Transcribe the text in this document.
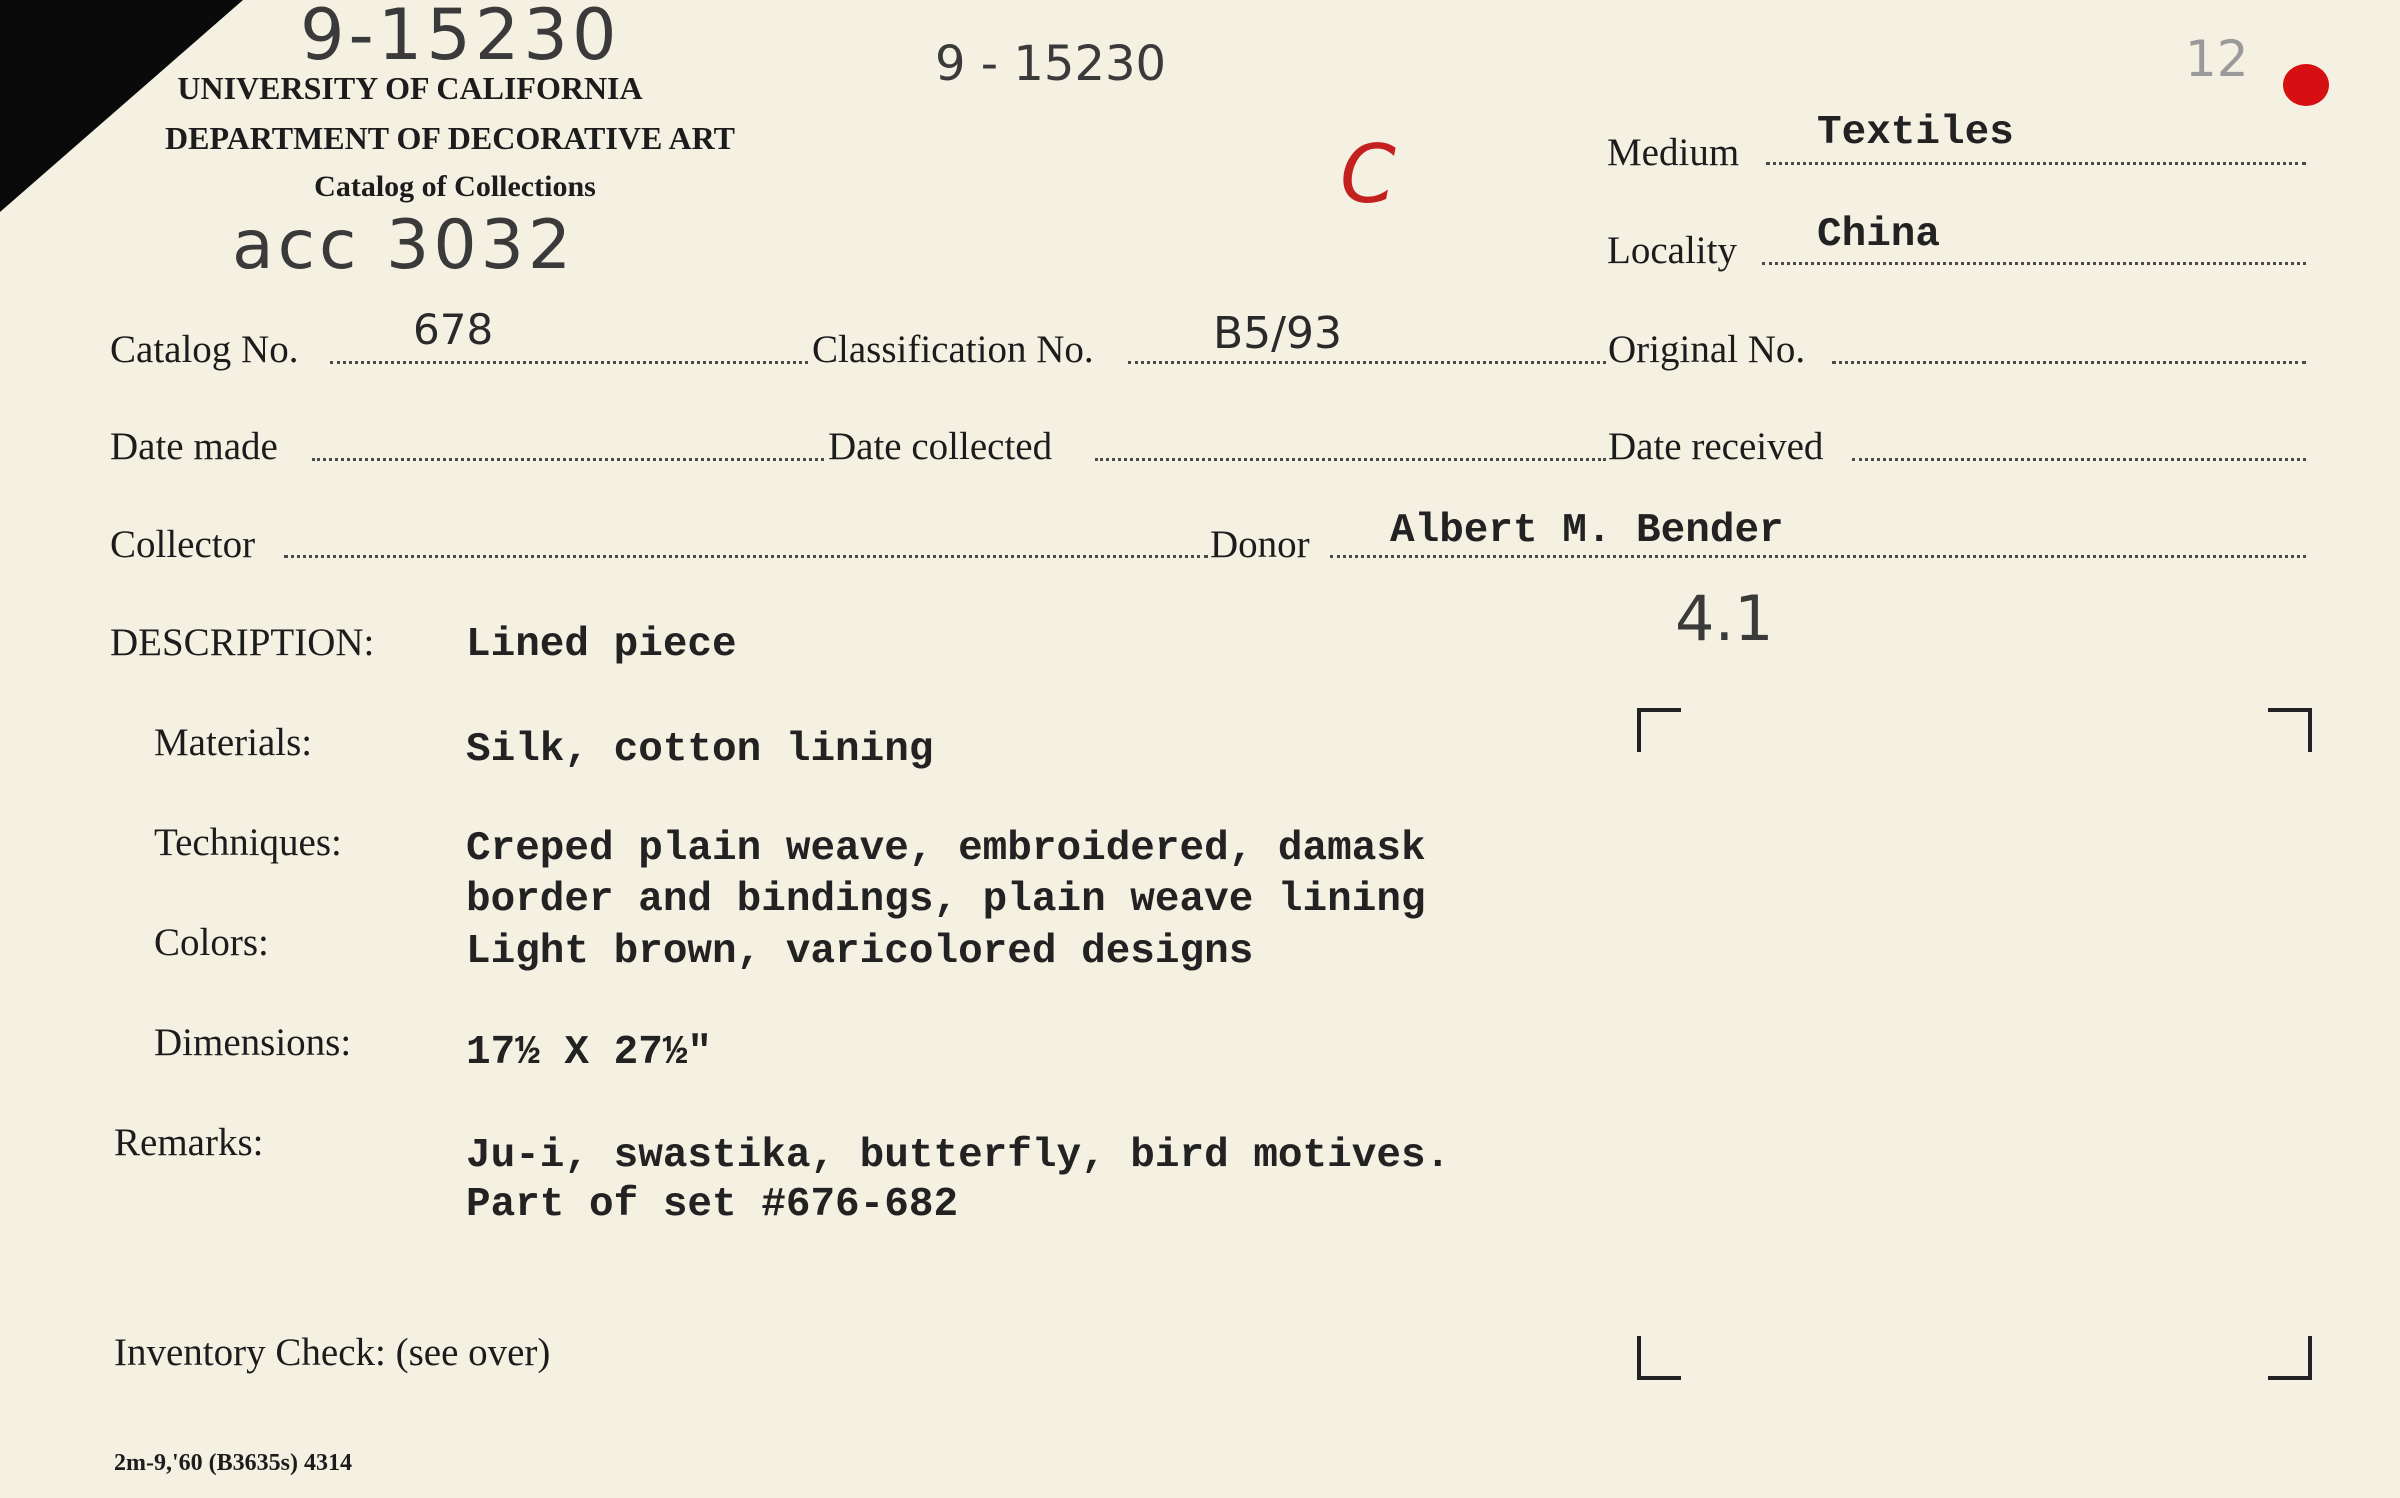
9-15230	9 - 15230
acc 3032
C
12
4.1
UNIVERSITY OF CALIFORNIA
DEPARTMENT OF DECORATIVE ART
Catalog of Collections
Medium Textiles
Locality China
Catalog No.	678	Classification No.	B5/93	Original No.
Date made	Date collected	Date received
Collector	Donor Albert M. Bender
DESCRIPTION: Lined piece
Materials:	Silk, cotton lining
Techniques:	Creped plain weave, embroidered, damask
border and bindings, plain weave lining
Colors:	Light brown, varicolored designs
Dimensions:	17½ X 27½"
Remarks:	Ju-i, swastika, butterfly, bird motives.
Part of set #676-682
Inventory Check: (see over)
2m-9,'60 (B3635s) 4314
